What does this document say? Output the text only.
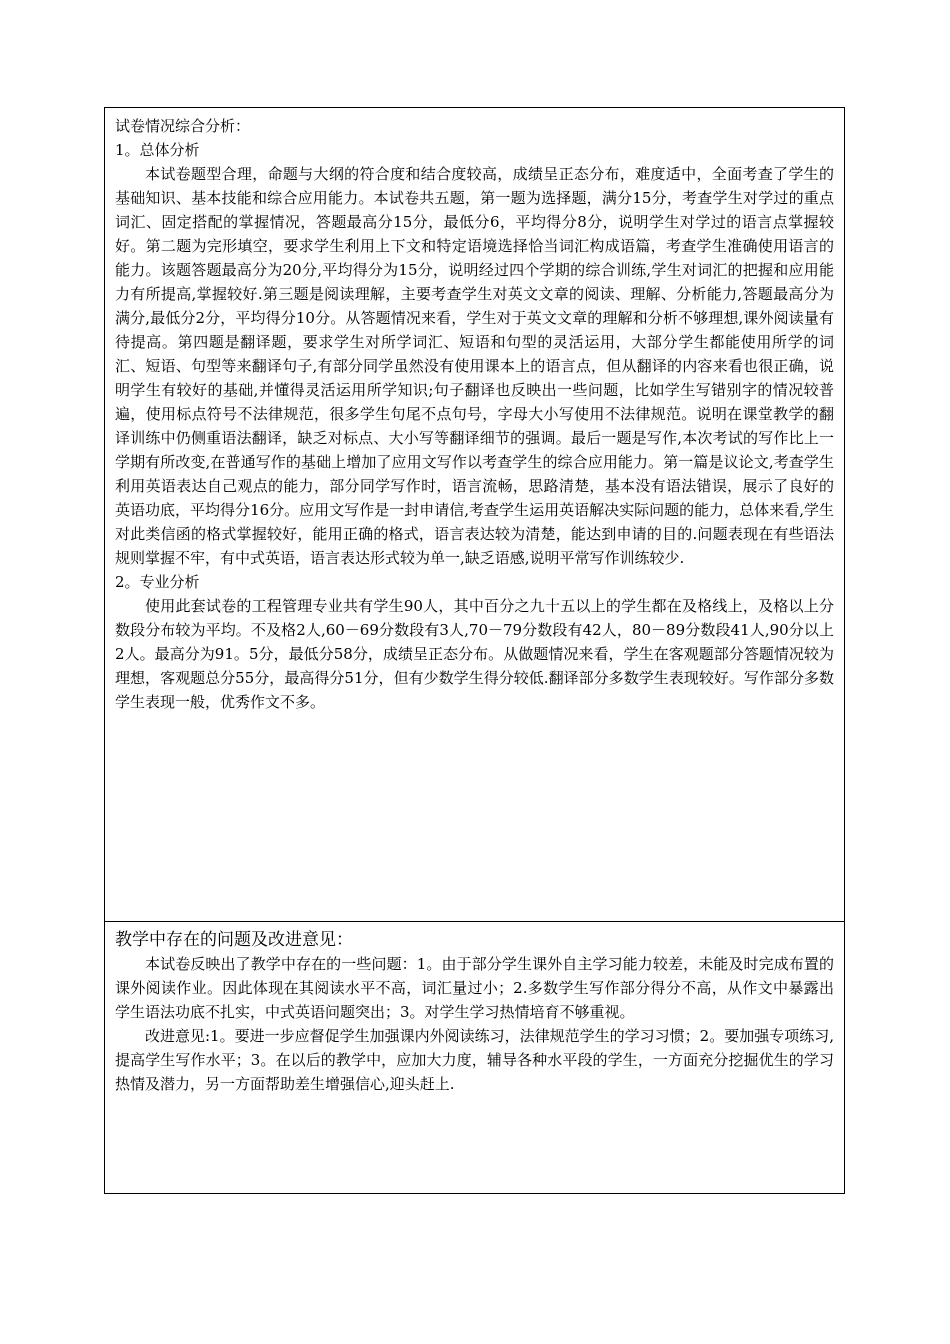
试卷情况综合分析：
1。总体分析

本试卷题型合理，命题与大纲的符合度和结合度较高，成绩呈正态分布，难度适中，全面考查了学生的基础知识、基本技能和综合应用能力。本试卷共五题，第一题为选择题，满分15分，考查学生对学过的重点词汇、固定搭配的掌握情况，答题最高分15分，最低分6，平均得分8分，说明学生对学过的语言点掌握较好。第二题为完形填空，要求学生利用上下文和特定语境选择恰当词汇构成语篇，考查学生准确使用语言的能力。该题答题最高分为20分,平均得分为15分，说明经过四个学期的综合训练,学生对词汇的把握和应用能力有所提高,掌握较好.第三题是阅读理解，主要考查学生对英文文章的阅读、理解、分析能力,答题最高分为满分,最低分2分，平均得分10分。从答题情况来看，学生对于英文文章的理解和分析不够理想,课外阅读量有待提高。第四题是翻译题，要求学生对所学词汇、短语和句型的灵活运用，大部分学生都能使用所学的词汇、短语、句型等来翻译句子,有部分同学虽然没有使用课本上的语言点，但从翻译的内容来看也很正确，说明学生有较好的基础,并懂得灵活运用所学知识;句子翻译也反映出一些问题，比如学生写错别字的情况较普遍，使用标点符号不法律规范，很多学生句尾不点句号，字母大小写使用不法律规范。说明在课堂教学的翻译训练中仍侧重语法翻译，缺乏对标点、大小写等翻译细节的强调。最后一题是写作,本次考试的写作比上一学期有所改变,在普通写作的基础上增加了应用文写作以考查学生的综合应用能力。第一篇是议论文,考查学生利用英语表达自己观点的能力，部分同学写作时，语言流畅，思路清楚，基本没有语法错误，展示了良好的英语功底，平均得分16分。应用文写作是一封申请信,考查学生运用英语解决实际问题的能力，总体来看,学生对此类信函的格式掌握较好，能用正确的格式，语言表达较为清楚，能达到申请的目的.问题表现在有些语法规则掌握不牢，有中式英语，语言表达形式较为单一,缺乏语感,说明平常写作训练较少.

2。专业分析

使用此套试卷的工程管理专业共有学生90人，其中百分之九十五以上的学生都在及格线上，及格以上分数段分布较为平均。不及格2人,60－69分数段有3人,70－79分数段有42人，80－89分数段41人,90分以上2人。最高分为91。5分，最低分58分，成绩呈正态分布。从做题情况来看，学生在客观题部分答题情况较为理想，客观题总分55分，最高得分51分，但有少数学生得分较低.翻译部分多数学生表现较好。写作部分多数学生表现一般，优秀作文不多。

教学中存在的问题及改进意见：

本试卷反映出了教学中存在的一些问题：1。由于部分学生课外自主学习能力较差，未能及时完成布置的课外阅读作业。因此体现在其阅读水平不高，词汇量过小；2.多数学生写作部分得分不高，从作文中暴露出学生语法功底不扎实，中式英语问题突出；3。对学生学习热情培育不够重视。

改进意见:1。要进一步应督促学生加强课内外阅读练习，法律规范学生的学习习惯；2。要加强专项练习,提高学生写作水平；3。在以后的教学中，应加大力度，辅导各种水平段的学生，一方面充分挖掘优生的学习热情及潜力，另一方面帮助差生增强信心,迎头赶上.
